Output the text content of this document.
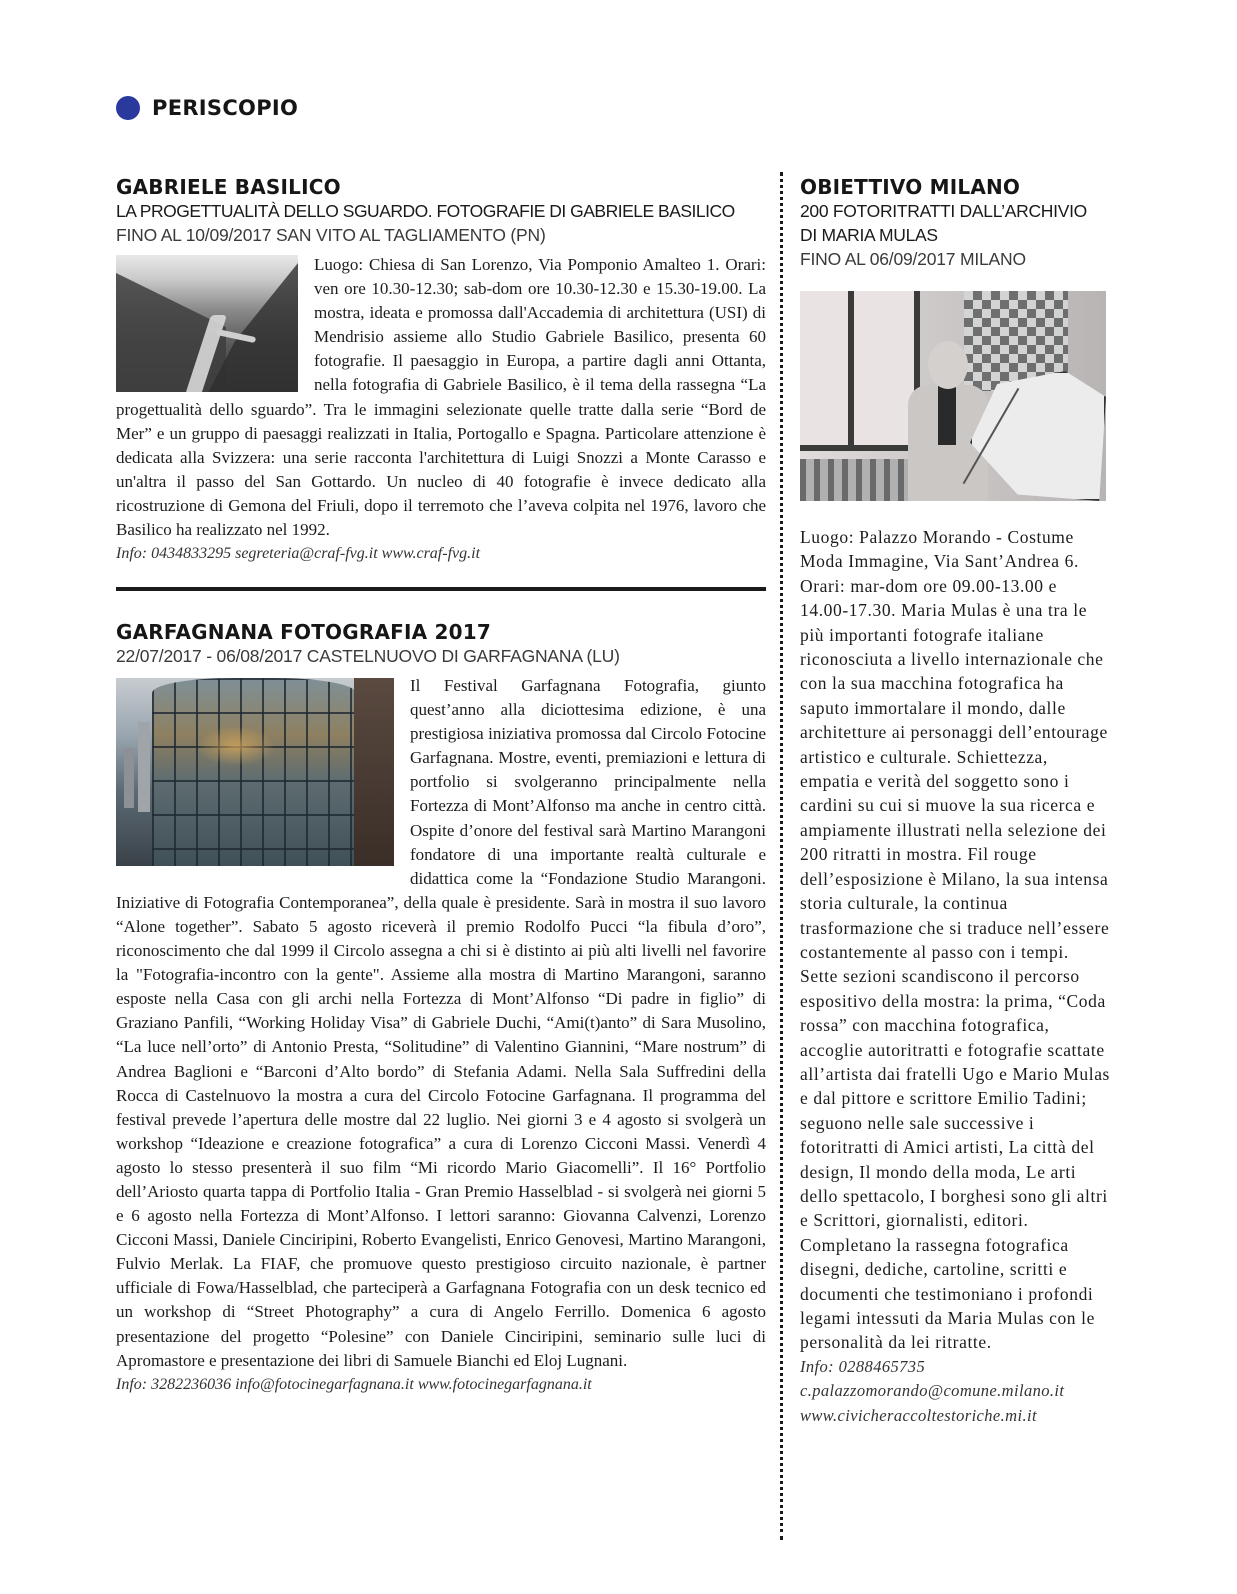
PERISCOPIO
GABRIELE BASILICO
LA PROGETTUALITÀ DELLO SGUARDO. FOTOGRAFIE DI GABRIELE BASILICO
FINO AL 10/09/2017 SAN VITO AL TAGLIAMENTO (PN)

Luogo: Chiesa di San Lorenzo, Via Pomponio Amalteo 1. Orari: ven ore 10.30-12.30; sab-dom ore 10.30-12.30 e 15.30-19.00. La mostra, ideata e promossa dall'Accademia di architettura (USI) di Mendrisio assieme allo Studio Gabriele Basilico, presenta 60 fotografie. Il paesaggio in Europa, a partire dagli anni Ottanta, nella fotografia di Gabriele Basilico, è il tema della rassegna “La progettualità dello sguardo”. Tra le immagini selezionate quelle tratte dalla serie “Bord de Mer” e un gruppo di paesaggi realizzati in Italia, Portogallo e Spagna. Particolare attenzione è dedicata alla Svizzera: una serie racconta l'architettura di Luigi Snozzi a Monte Carasso e un'altra il passo del San Gottardo. Un nucleo di 40 fotografie è invece dedicato alla ricostruzione di Gemona del Friuli, dopo il terremoto che l’aveva colpita nel 1976, lavoro che Basilico ha realizzato nel 1992.

Info: 0434833295 segreteria@craf-fvg.it www.craf-fvg.it
GARFAGNANA FOTOGRAFIA 2017
22/07/2017 - 06/08/2017 CASTELNUOVO DI GARFAGNANA (LU)

Il Festival Garfagnana Fotografia, giunto quest’anno alla diciottesima edizione, è una prestigiosa iniziativa promossa dal Circolo Fotocine Garfagnana. Mostre, eventi, premiazioni e lettura di portfolio si svolgeranno principalmente nella Fortezza di Mont’Alfonso ma anche in centro città. Ospite d’onore del festival sarà Martino Marangoni fondatore di una importante realtà culturale e didattica come la “Fondazione Studio Marangoni. Iniziative di Fotografia Contemporanea”, della quale è presidente. Sarà in mostra il suo lavoro “Alone together”. Sabato 5 agosto riceverà il premio Rodolfo Pucci “la fibula d’oro”, riconoscimento che dal 1999 il Circolo assegna a chi si è distinto ai più alti livelli nel favorire la "Fotografia-incontro con la gente". Assieme alla mostra di Martino Marangoni, saranno esposte nella Casa con gli archi nella Fortezza di Mont’Alfonso “Di padre in figlio” di Graziano Panfili, “Working Holiday Visa” di Gabriele Duchi, “Ami(t)anto” di Sara Musolino, “La luce nell’orto” di Antonio Presta, “Solitudine” di Valentino Giannini, “Mare nostrum” di Andrea Baglioni e “Barconi d’Alto bordo” di Stefania Adami. Nella Sala Suffredini della Rocca di Castelnuovo la mostra a cura del Circolo Fotocine Garfagnana. Il programma del festival prevede l’apertura delle mostre dal 22 luglio. Nei giorni 3 e 4 agosto si svolgerà un workshop “Ideazione e creazione fotografica” a cura di Lorenzo Cicconi Massi. Venerdì 4 agosto lo stesso presenterà il suo film “Mi ricordo Mario Giacomelli”. Il 16° Portfolio dell’Ariosto quarta tappa di Portfolio Italia - Gran Premio Hasselblad - si svolgerà nei giorni 5 e 6 agosto nella Fortezza di Mont’Alfonso. I lettori saranno: Giovanna Calvenzi, Lorenzo Cicconi Massi, Daniele Cinciripini, Roberto Evangelisti, Enrico Genovesi, Martino Marangoni, Fulvio Merlak. La FIAF, che promuove questo prestigioso circuito nazionale, è partner ufficiale di Fowa/Hasselblad, che parteciperà a Garfagnana Fotografia con un desk tecnico ed un workshop di “Street Photography” a cura di Angelo Ferrillo. Domenica 6 agosto presentazione del progetto “Polesine” con Daniele Cinciripini, seminario sulle luci di Apromastore e presentazione dei libri di Samuele Bianchi ed Eloj Lugnani.

Info: 3282236036 info@fotocinegarfagnana.it www.fotocinegarfagnana.it
OBIETTIVO MILANO
200 FOTORITRATTI DALL’ARCHIVIO
DI MARIA MULAS
FINO AL 06/09/2017 MILANO
Luogo: Palazzo Morando - Costume Moda Immagine, Via Sant’Andrea 6. Orari: mar-dom ore 09.00-13.00 e 14.00-17.30. Maria Mulas è una tra le più importanti fotografe italiane riconosciuta a livello internazionale che con la sua macchina fotografica ha saputo immortalare il mondo, dalle architetture ai personaggi dell’entourage artistico e culturale. Schiettezza, empatia e verità del soggetto sono i cardini su cui si muove la sua ricerca e ampiamente illustrati nella selezione dei 200 ritratti in mostra. Fil rouge dell’esposizione è Milano, la sua intensa storia culturale, la continua trasformazione che si traduce nell’essere costantemente al passo con i tempi. Sette sezioni scandiscono il percorso espositivo della mostra: la prima, “Coda rossa” con macchina fotografica, accoglie autoritratti e fotografie scattate all’artista dai fratelli Ugo e Mario Mulas e dal pittore e scrittore Emilio Tadini; seguono nelle sale successive i fotoritratti di Amici artisti, La città del design, Il mondo della moda, Le arti dello spettacolo, I borghesi sono gli altri e Scrittori, giornalisti, editori. Completano la rassegna fotografica disegni, dediche, cartoline, scritti e documenti che testimoniano i profondi legami intessuti da Maria Mulas con le personalità da lei ritratte.
Info: 0288465735
c.palazzomorando@comune.milano.it
www.civicheraccoltestoriche.mi.it
